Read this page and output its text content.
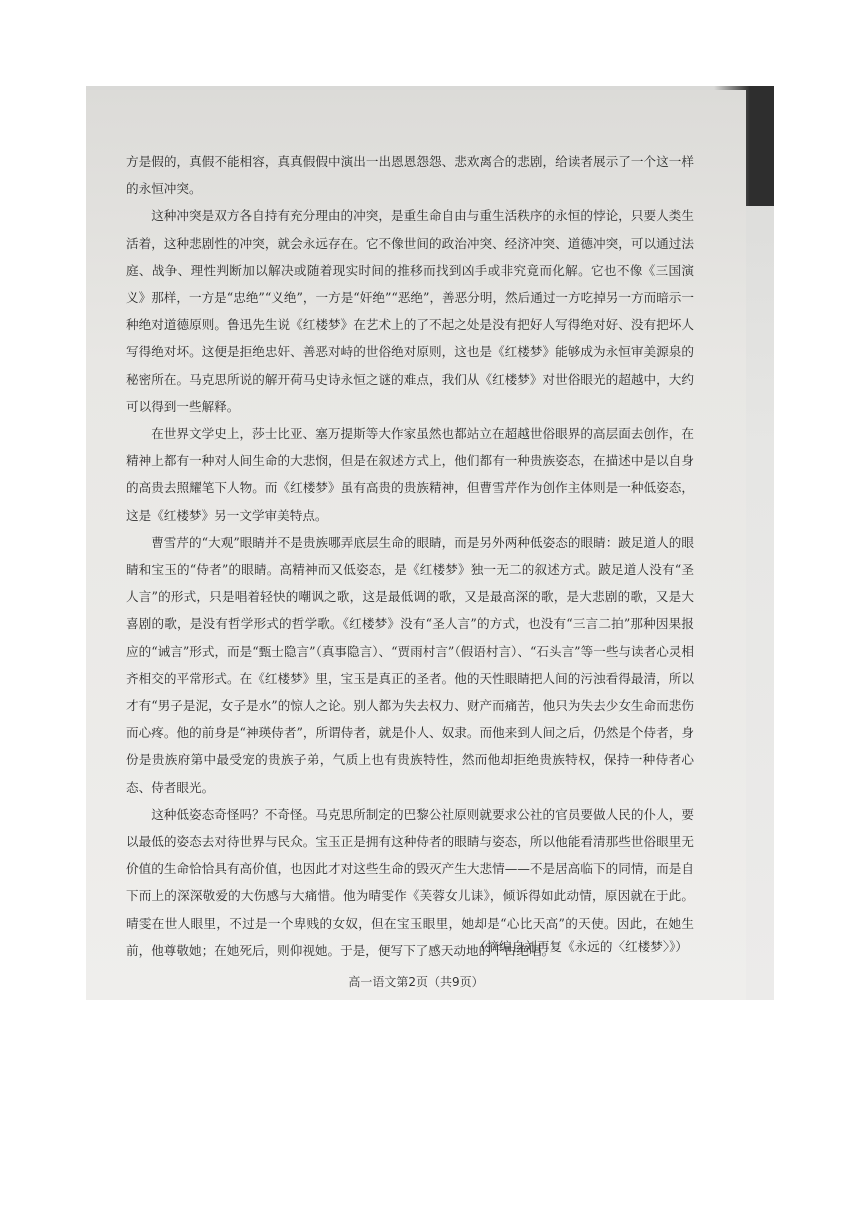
方是假的，真假不能相容，真真假假中演出一出恩恩怨怨、悲欢离合的悲剧，给读者展示了一个这一样的永恒冲突。

这种冲突是双方各自持有充分理由的冲突，是重生命自由与重生活秩序的永恒的悖论，只要人类生活着，这种悲剧性的冲突，就会永远存在。它不像世间的政治冲突、经济冲突、道德冲突，可以通过法庭、战争、理性判断加以解决或随着现实时间的推移而找到凶手或非究竟而化解。它也不像《三国演义》那样，一方是“忠绝”“义绝”，一方是“奸绝”“恶绝”，善恶分明，然后通过一方吃掉另一方而暗示一种绝对道德原则。鲁迅先生说《红楼梦》在艺术上的了不起之处是没有把好人写得绝对好、没有把坏人写得绝对坏。这便是拒绝忠奸、善恶对峙的世俗绝对原则，这也是《红楼梦》能够成为永恒审美源泉的秘密所在。马克思所说的解开荷马史诗永恒之谜的难点，我们从《红楼梦》对世俗眼光的超越中，大约可以得到一些解释。

在世界文学史上，莎士比亚、塞万提斯等大作家虽然也都站立在超越世俗眼界的高层面去创作，在精神上都有一种对人间生命的大悲悯，但是在叙述方式上，他们都有一种贵族姿态，在描述中是以自身的高贵去照耀笔下人物。而《红楼梦》虽有高贵的贵族精神，但曹雪芹作为创作主体则是一种低姿态，这是《红楼梦》另一文学审美特点。

曹雪芹的“大观”眼睛并不是贵族哪弄底层生命的眼睛，而是另外两种低姿态的眼睛：跛足道人的眼睛和宝玉的“侍者”的眼睛。高精神而又低姿态，是《红楼梦》独一无二的叙述方式。跛足道人没有“圣人言”的形式，只是唱着轻快的嘲讽之歌，这是最低调的歌，又是最高深的歌，是大悲剧的歌，又是大喜剧的歌，是没有哲学形式的哲学歌。《红楼梦》没有“圣人言”的方式，也没有“三言二拍”那种因果报应的“诫言”形式，而是“甄士隐言”（真事隐言）、“贾雨村言”（假语村言）、“石头言”等一些与读者心灵相齐相交的平常形式。在《红楼梦》里，宝玉是真正的圣者。他的天性眼睛把人间的污浊看得最清，所以才有“男子是泥，女子是水”的惊人之论。别人都为失去权力、财产而痛苦，他只为失去少女生命而悲伤而心疼。他的前身是“神瑛侍者”，所谓侍者，就是仆人、奴隶。而他来到人间之后，仍然是个侍者，身份是贵族府第中最受宠的贵族子弟，气质上也有贵族特性，然而他却拒绝贵族特权，保持一种侍者心态、侍者眼光。

这种低姿态奇怪吗？不奇怪。马克思所制定的巴黎公社原则就要求公社的官员要做人民的仆人，要以最低的姿态去对待世界与民众。宝玉正是拥有这种侍者的眼睛与姿态，所以他能看清那些世俗眼里无价值的生命恰恰具有高价值，也因此才对这些生命的毁灭产生大悲情——不是居高临下的同情，而是自下而上的深深敬爱的大伤感与大痛惜。他为晴雯作《芙蓉女儿诔》，倾诉得如此动情，原因就在于此。晴雯在世人眼里，不过是一个卑贱的女奴，但在宝玉眼里，她却是“心比天高”的天使。因此，在她生前，他尊敬她；在她死后，则仰视她。于是，便写下了感天动地的千古绝唱。

（摘编自刘再复《永远的〈红楼梦〉》）
高一语文第2页（共9页）
